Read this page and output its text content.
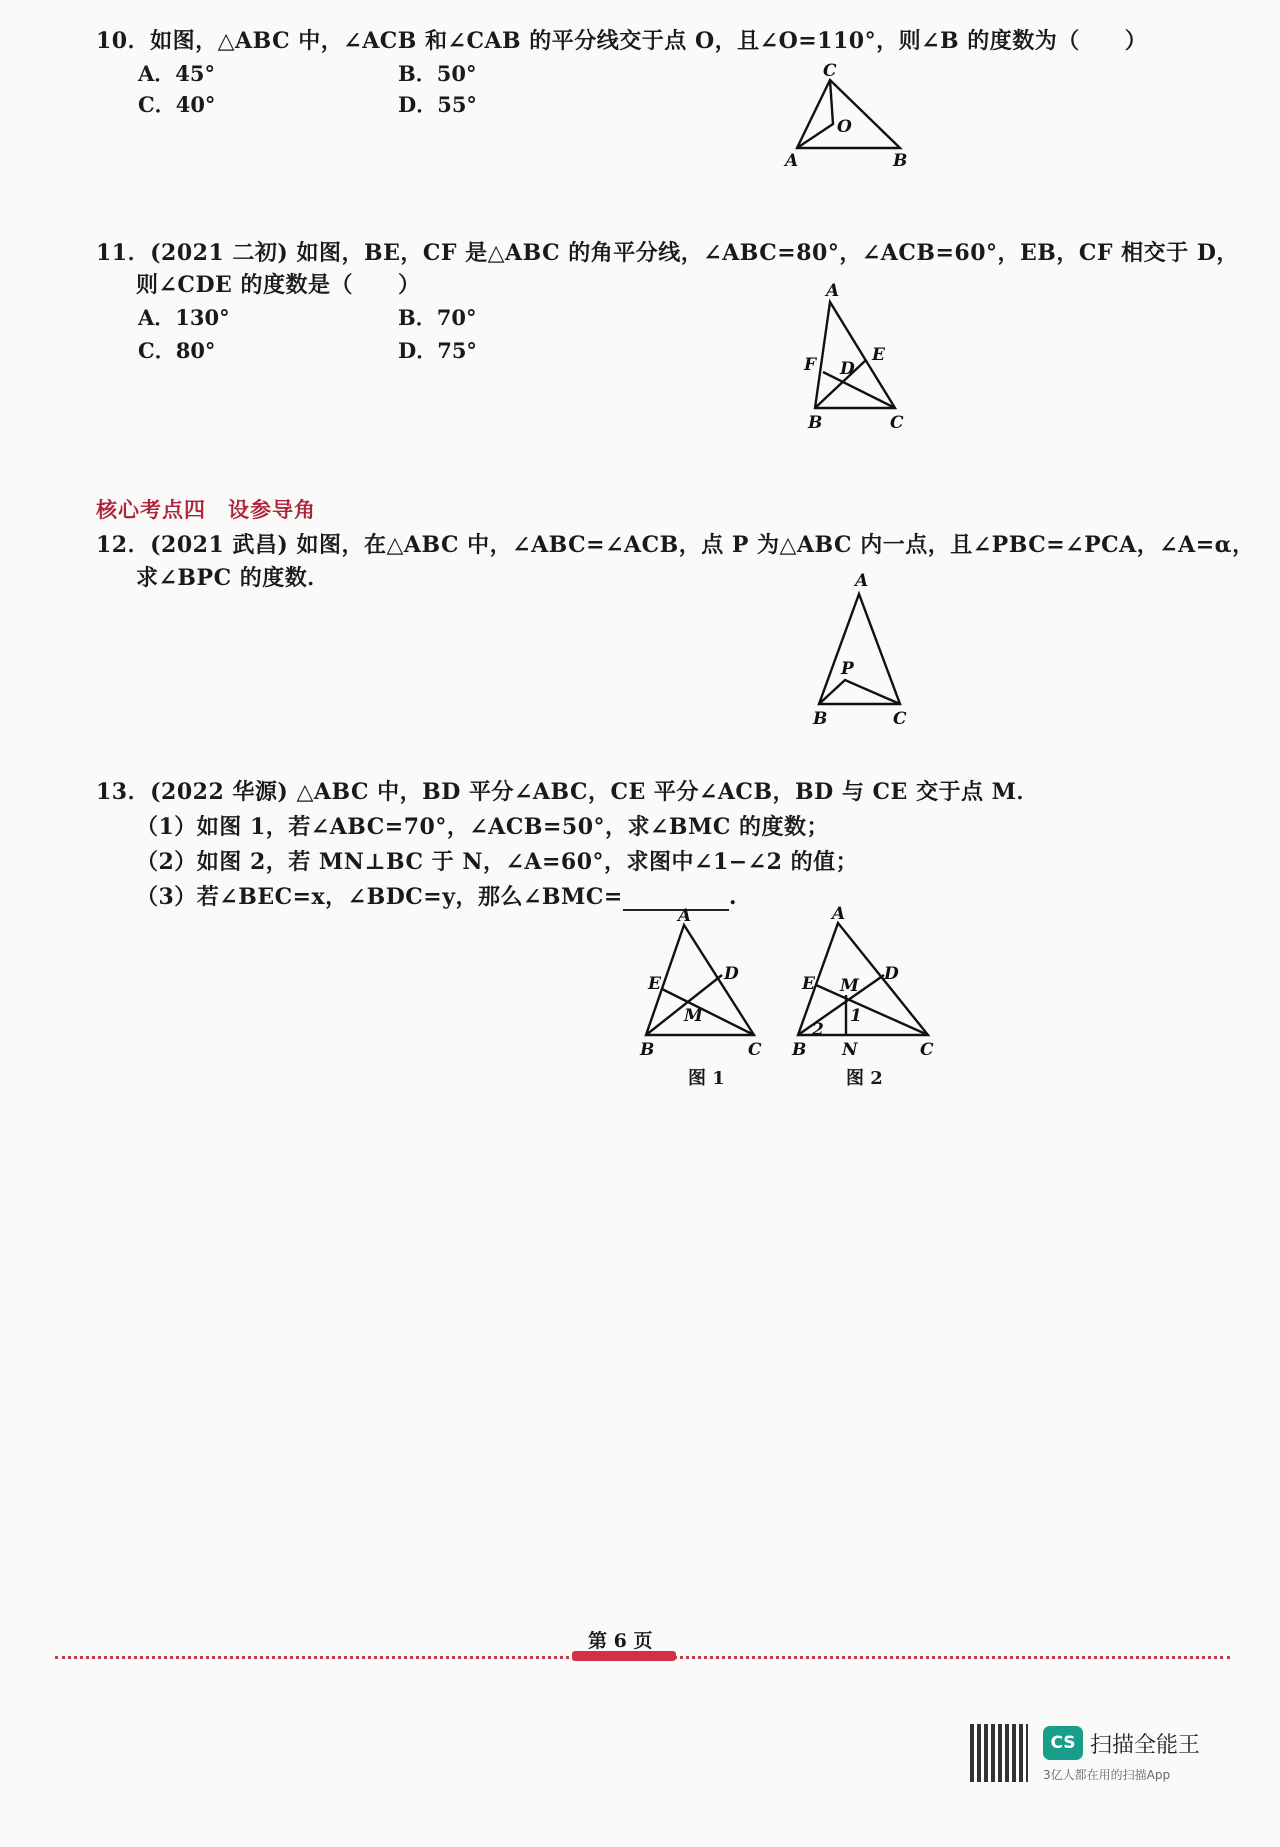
10．如图，△ABC 中，∠ACB 和∠CAB 的平分线交于点 O，且∠O=110°，则∠B 的度数为（　　）
A．45°	B．50°
C．40°	D．55°
C
A	B
O
11．(2021 二初) 如图，BE，CF 是△ABC 的角平分线，∠ABC=80°，∠ACB=60°，EB，CF 相交于 D，
则∠CDE 的度数是（　　）
A．130°	B．70°
C．80°	D．75°
A
B	C
F D
E
核心考点四　设参导角
12．(2021 武昌) 如图，在△ABC 中，∠ABC=∠ACB，点 P 为△ABC 内一点，且∠PBC=∠PCA，∠A=α，
求∠BPC 的度数．	A
P
B	C
13．(2022 华源) △ABC 中，BD 平分∠ABC，CE 平分∠ACB，BD 与 CE 交于点 M．
（1）如图 1，若∠ABC=70°，∠ACB=50°，求∠BMC 的度数；
（2）如图 2，若 MN⊥BC 于 N，∠A=60°，求图中∠1−∠2 的值；
（3）若∠BEC=x，∠BDC=y，那么∠BMC=	.
A
B	C
E	D
M
图 1
A
B N	C
E	D
M
1
2
图 2
第 6 页
CS 扫描全能王
3亿人都在用的扫描App
